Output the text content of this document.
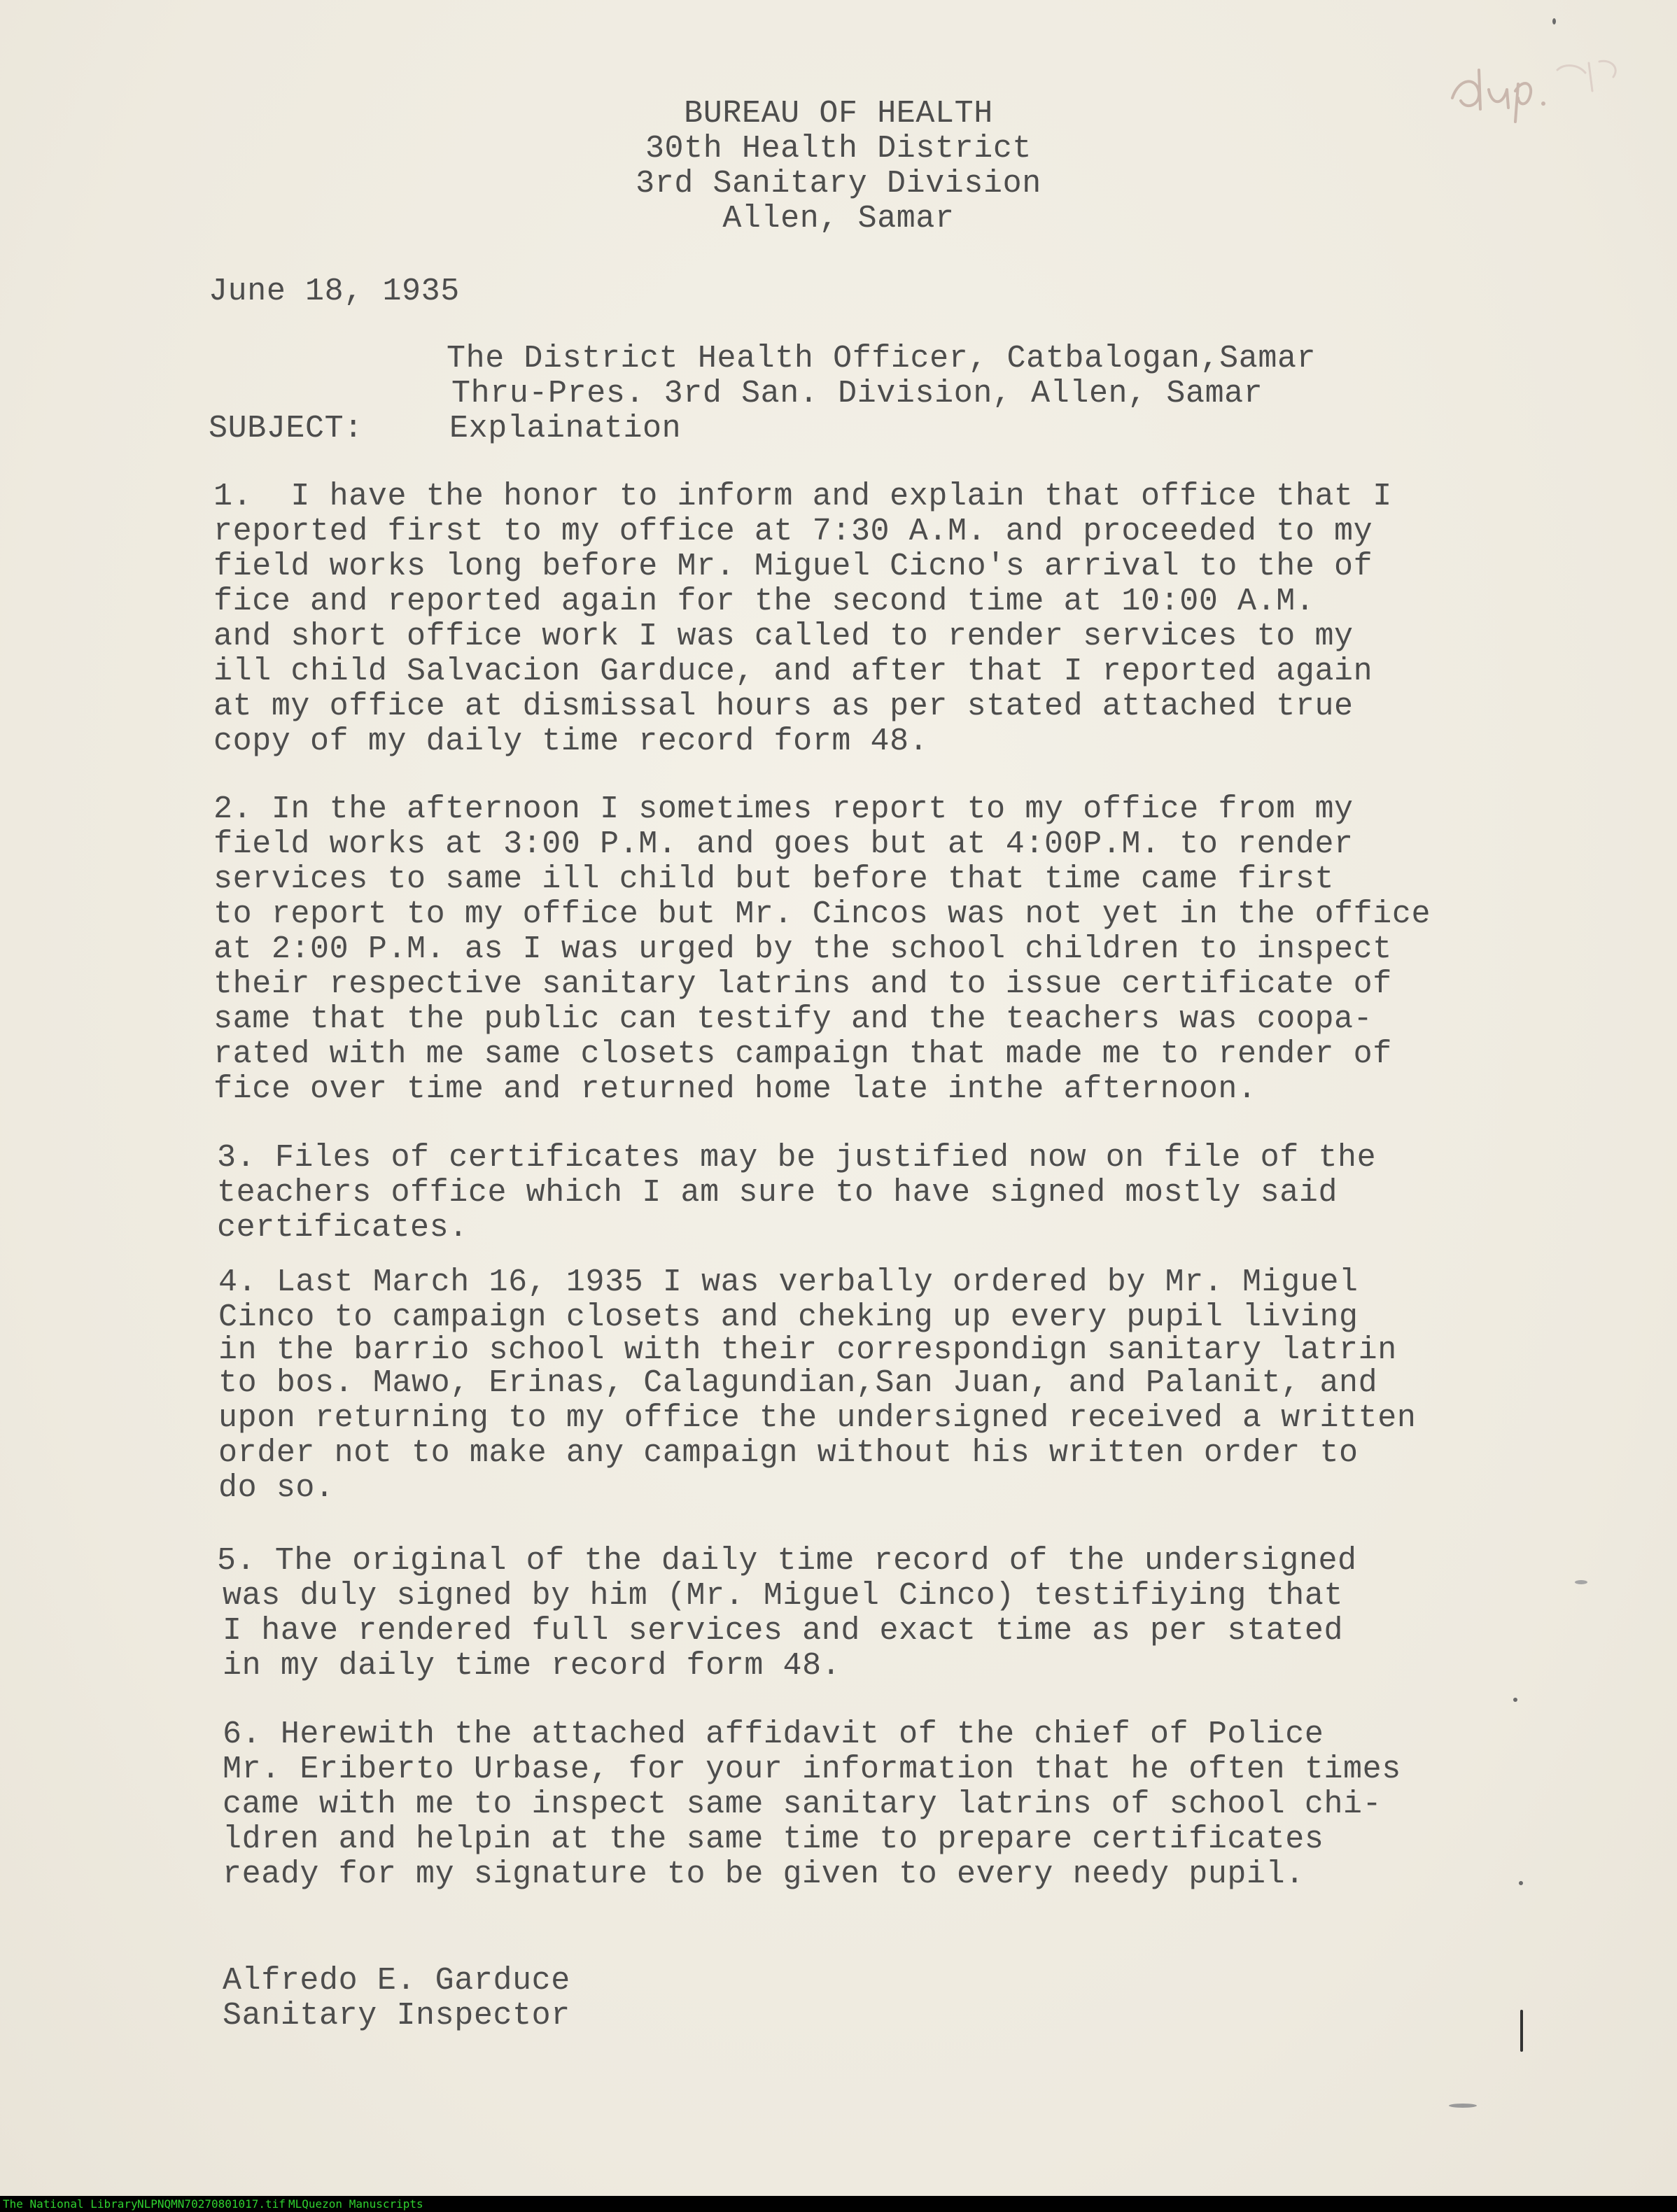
BUREAU OF HEALTH
30th Health District
3rd Sanitary Division
Allen, Samar
June 18, 1935
The District Health Officer, Catbalogan,Samar
Thru-Pres. 3rd San. Division, Allen, Samar
SUBJECT:	Explaination
1.  I have the honor to inform and explain that office that I
reported first to my office at 7:30 A.M. and proceeded to my
field works long before Mr. Miguel Cicno's arrival to the of
fice and reported again for the second time at 10:00 A.M.
and short office work I was called to render services to my
ill child Salvacion Garduce, and after that I reported again
at my office at dismissal hours as per stated attached true
copy of my daily time record form 48.
2. In the afternoon I sometimes report to my office from my
field works at 3:00 P.M. and goes but at 4:00P.M. to render
services to same ill child but before that time came first
to report to my office but Mr. Cincos was not yet in the office
at 2:00 P.M. as I was urged by the school children to inspect
their respective sanitary latrins and to issue certificate of
same that the public can testify and the teachers was coopa-
rated with me same closets campaign that made me to render of
fice over time and returned home late inthe afternoon.
3. Files of certificates may be justified now on file of the
teachers office which I am sure to have signed mostly said
certificates.
4. Last March 16, 1935 I was verbally ordered by Mr. Miguel
Cinco to campaign closets and cheking up every pupil living
in the barrio school with their correspondign sanitary latrin
to bos. Mawo, Erinas, Calagundian,San Juan, and Palanit, and
upon returning to my office the undersigned received a written
order not to make any campaign without his written order to
do so.
5. The original of the daily time record of the undersigned
was duly signed by him (Mr. Miguel Cinco) testifiying that
I have rendered full services and exact time as per stated
in my daily time record form 48.
6. Herewith the attached affidavit of the chief of Police
Mr. Eriberto Urbase, for your information that he often times
came with me to inspect same sanitary latrins of school chi-
ldren and helpin at the same time to prepare certificates
ready for my signature to be given to every needy pupil.
Alfredo E. Garduce
Sanitary Inspector
The National Library NLPNQMN70270801017.tif MLQuezon Manuscripts
